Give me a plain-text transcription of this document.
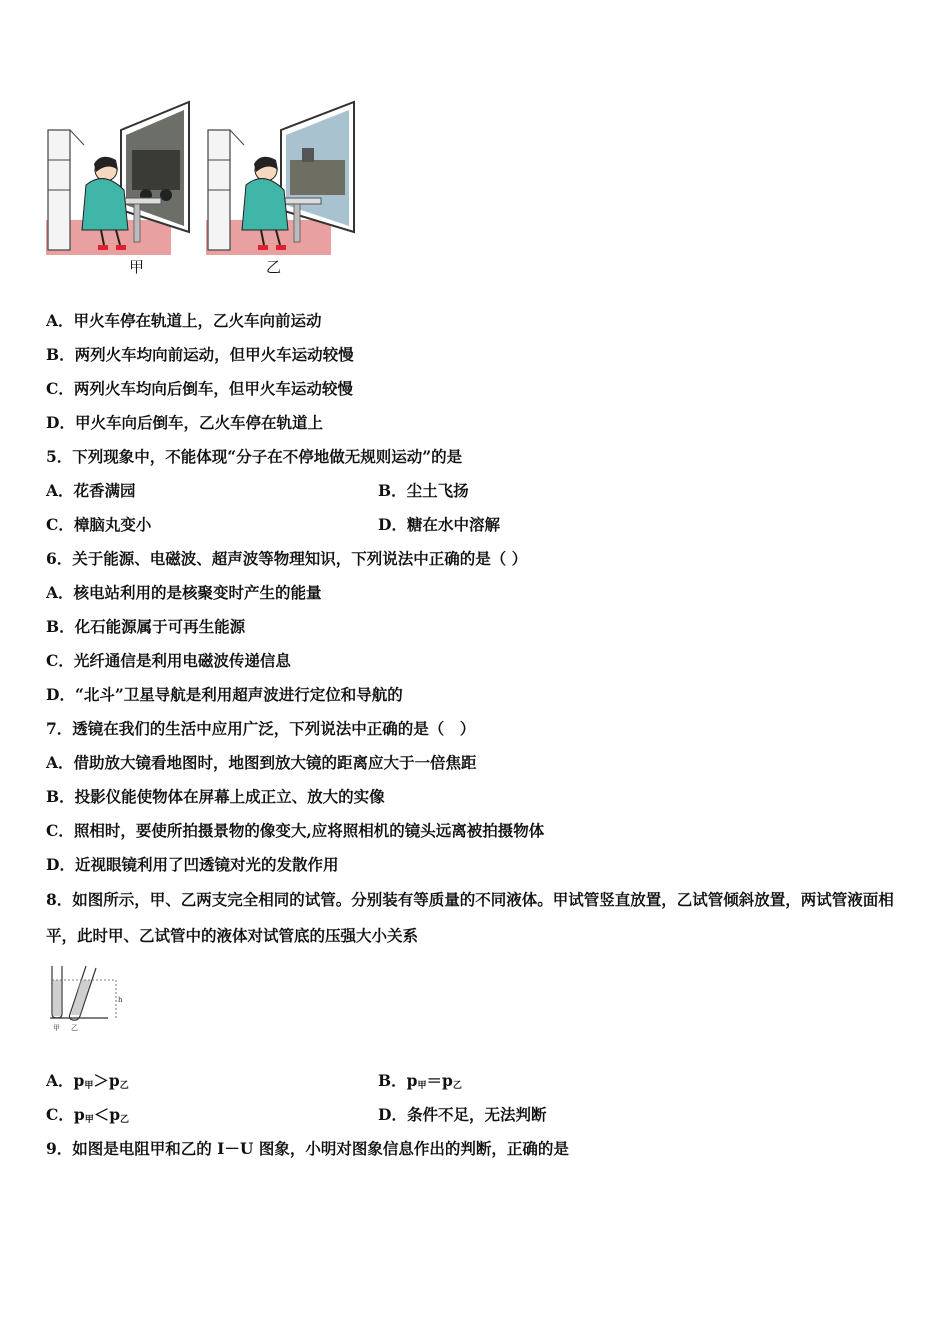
甲	乙
A．甲火车停在轨道上，乙火车向前运动
B．两列火车均向前运动，但甲火车运动较慢
C．两列火车均向后倒车，但甲火车运动较慢
D．甲火车向后倒车，乙火车停在轨道上
5．下列现象中，不能体现“分子在不停地做无规则运动”的是
A．花香满园	B．尘土飞扬
C．樟脑丸变小	D．糖在水中溶解
6．关于能源、电磁波、超声波等物理知识，下列说法中正确的是（ ）
A．核电站利用的是核聚变时产生的能量
B．化石能源属于可再生能源
C．光纤通信是利用电磁波传递信息
D．“北斗”卫星导航是利用超声波进行定位和导航的
7．透镜在我们的生活中应用广泛，下列说法中正确的是（　）
A．借助放大镜看地图时，地图到放大镜的距离应大于一倍焦距
B．投影仪能使物体在屏幕上成正立、放大的实像
C．照相时，要使所拍摄景物的像变大,应将照相机的镜头远离被拍摄物体
D．近视眼镜利用了凹透镜对光的发散作用
8．如图所示，甲、乙两支完全相同的试管。分别装有等质量的不同液体。甲试管竖直放置，乙试管倾斜放置，两试管液面相平，此时甲、乙试管中的液体对试管底的压强大小关系
h
甲 乙
A．$p_甲>p_乙$	B．$p_甲=p_乙$
C．$p_甲<p_乙$	D．条件不足，无法判断
9．如图是电阻甲和乙的 I－U 图象，小明对图象信息作出的判断，正确的是
